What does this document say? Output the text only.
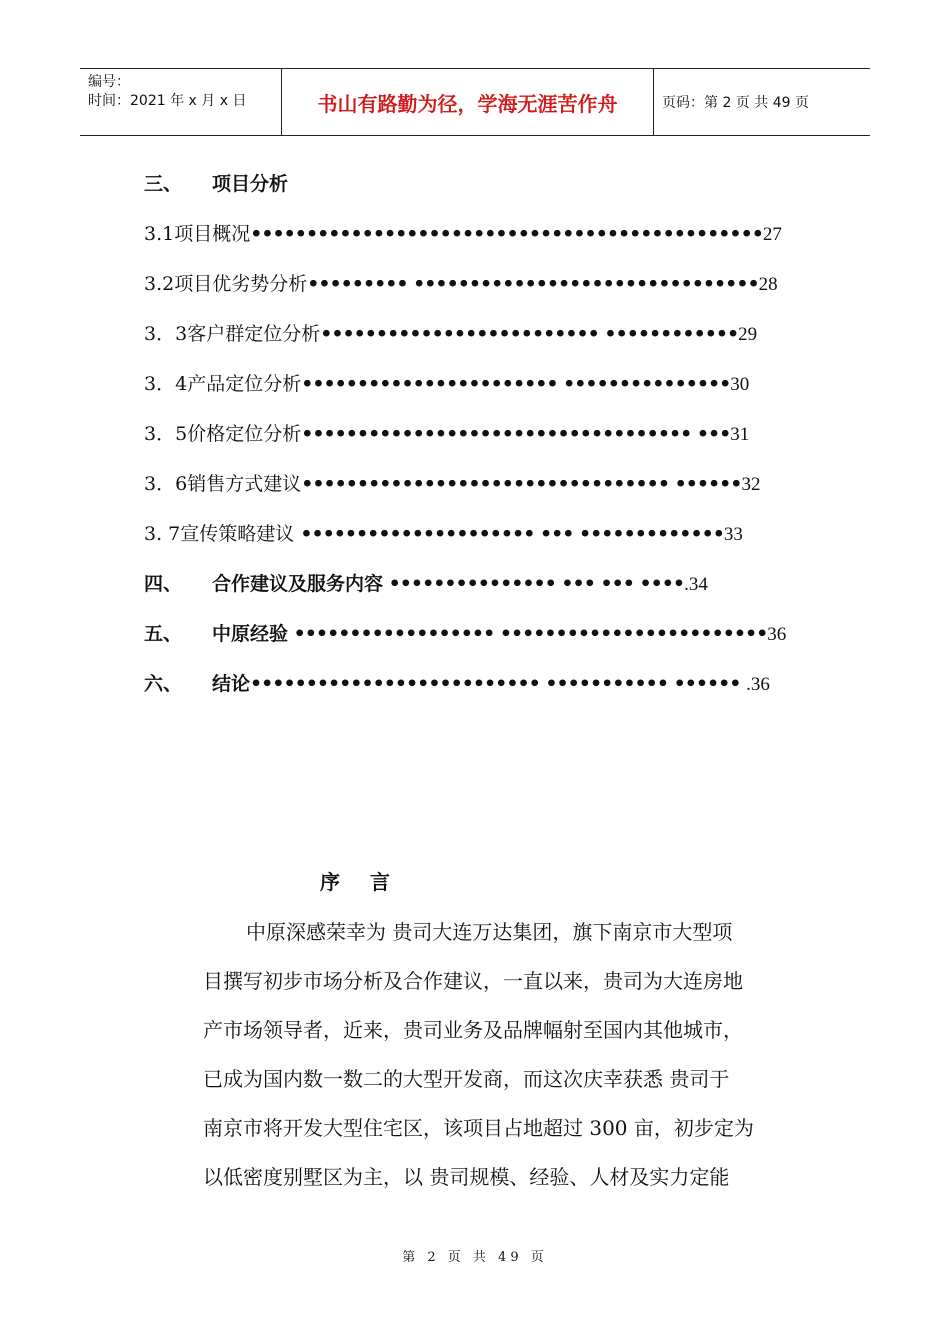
编号：
时间：2021 年 x 月 x 日	书山有路勤为径，学海无涯苦作舟	页码：第 2 页 共 49 页
三、 项目分析
3.1项目概况••••••••••••••••••••••••••••••••••••••••••••••27
3.2项目优劣势分析••••••••• •••••••••••••••••••••••••••••••28
3．3客户群定位分析••••••••••••••••••••••••• ••••••••••••29
3．4产品定位分析••••••••••••••••••••••• •••••••••••••••30
3．5价格定位分析••••••••••••••••••••••••••••••••••• •••31
3．6销售方式建议••••••••••••••••••••••••••••••••• ••••••32
3. 7宣传策略建议 ••••••••••••••••••••• ••• •••••••••••••33
四、 合作建议及服务内容 ••••••••••••••• ••• ••• ••••.34
五、 中原经验 •••••••••••••••••• ••••••••••••••••••••••••36
六、 结论•••••••••••••••••••••••••• ••••••••••• •••••• .36
序言
中原深感荣幸为 贵司大连万达集团，旗下南京市大型项
目撰写初步市场分析及合作建议，一直以来，贵司为大连房地
产市场领导者，近来，贵司业务及品牌幅射至国内其他城市，
已成为国内数一数二的大型开发商，而这次庆幸获悉 贵司于
南京市将开发大型住宅区，该项目占地超过 300 亩，初步定为
以低密度别墅区为主，以 贵司规模、经验、人材及实力定能
第 2 页 共 49 页
